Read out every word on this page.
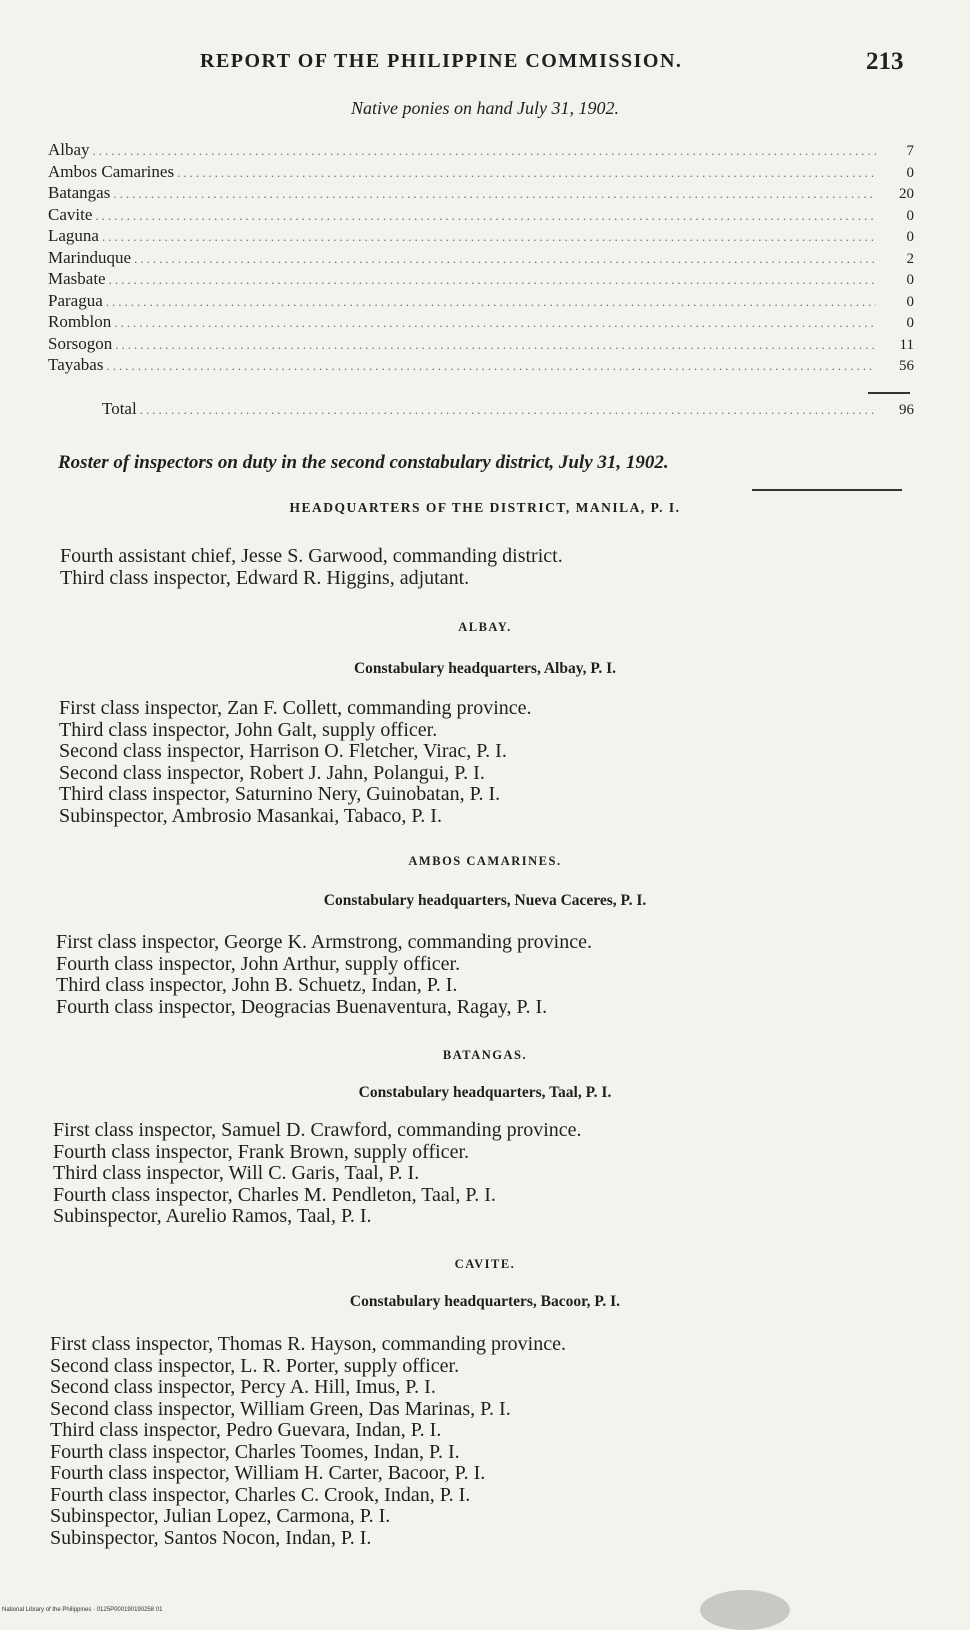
REPORT OF THE PHILIPPINE COMMISSION.	213
Native ponies on hand July 31, 1902.
Albay .....	7
Ambos Camarines .....	0
Batangas .....	20
Cavite .....	0
Laguna .....	0
Marinduque .....	2
Masbate .....	0
Paragua .....	0
Romblon .....	0
Sorsogon .....	11
Tayabas .....	56
Total .....	96
Roster of inspectors on duty in the second constabulary district, July 31, 1902.
HEADQUARTERS OF THE DISTRICT, MANILA, P. I.
Fourth assistant chief, Jesse S. Garwood, commanding district.
Third class inspector, Edward R. Higgins, adjutant.
ALBAY.
Constabulary headquarters, Albay, P. I.
First class inspector, Zan F. Collett, commanding province.
Third class inspector, John Galt, supply officer.
Second class inspector, Harrison O. Fletcher, Virac, P. I.
Second class inspector, Robert J. Jahn, Polangui, P. I.
Third class inspector, Saturnino Nery, Guinobatan, P. I.
Subinspector, Ambrosio Masankai, Tabaco, P. I.
AMBOS CAMARINES.
Constabulary headquarters, Nueva Caceres, P. I.
First class inspector, George K. Armstrong, commanding province.
Fourth class inspector, John Arthur, supply officer.
Third class inspector, John B. Schuetz, Indan, P. I.
Fourth class inspector, Deogracias Buenaventura, Ragay, P. I.
BATANGAS.
Constabulary headquarters, Taal, P. I.
First class inspector, Samuel D. Crawford, commanding province.
Fourth class inspector, Frank Brown, supply officer.
Third class inspector, Will C. Garis, Taal, P. I.
Fourth class inspector, Charles M. Pendleton, Taal, P. I.
Subinspector, Aurelio Ramos, Taal, P. I.
CAVITE.
Constabulary headquarters, Bacoor, P. I.
First class inspector, Thomas R. Hayson, commanding province.
Second class inspector, L. R. Porter, supply officer.
Second class inspector, Percy A. Hill, Imus, P. I.
Second class inspector, William Green, Das Marinas, P. I.
Third class inspector, Pedro Guevara, Indan, P. I.
Fourth class inspector, Charles Toomes, Indan, P. I.
Fourth class inspector, William H. Carter, Bacoor, P. I.
Fourth class inspector, Charles C. Crook, Indan, P. I.
Subinspector, Julian Lopez, Carmona, P. I.
Subinspector, Santos Nocon, Indan, P. I.
National Library of the Philippines · 0125P000190190258 01
